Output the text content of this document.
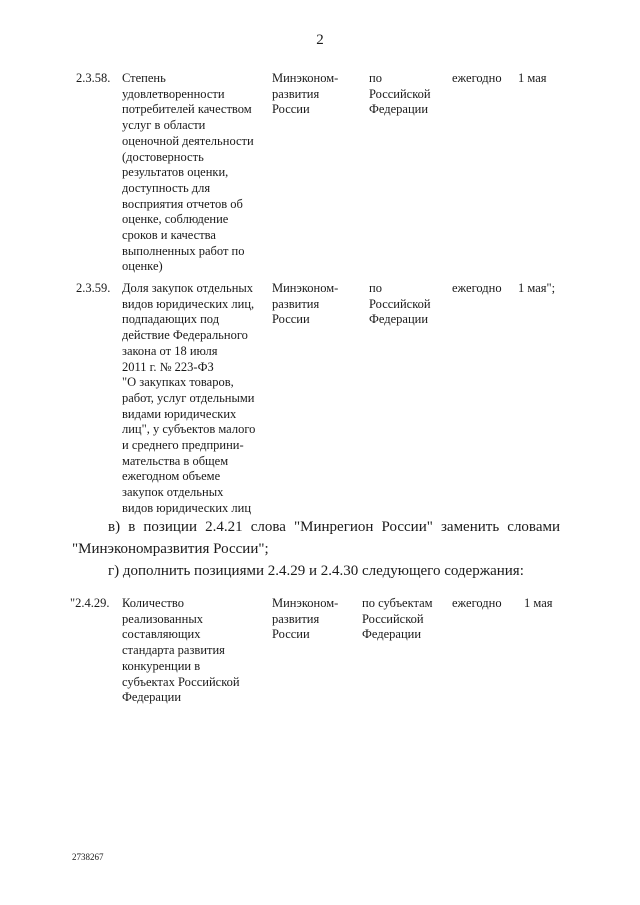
2
2.3.58. Степень
удовлетворенности
потребителей качеством
услуг в области
оценочной деятельности
(достоверность
результатов оценки,
доступность для
восприятия отчетов об
оценке, соблюдение
сроков и качества
выполненных работ по
оценке)
Минэконом-
развития
России
по
Российской
Федерации
ежегодно 1 мая
2.3.59. Доля закупок отдельных
видов юридических лиц,
подпадающих под
действие Федерального
закона от 18 июля
2011 г. № 223-ФЗ
"О закупках товаров,
работ, услуг отдельными
видами юридических
лиц", у субъектов малого
и среднего предприни-
мательства в общем
ежегодном объеме
закупок отдельных
видов юридических лиц
Минэконом-
развития
России
по
Российской
Федерации
ежегодно 1 мая";
в) в позиции 2.4.21 слова "Минрегион России" заменить словами
"Минэкономразвития России";
г) дополнить позициями 2.4.29 и 2.4.30 следующего содержания:
"2.4.29. Количество
реализованных
составляющих
стандарта развития
конкуренции в
субъектах Российской
Федерации
Минэконом-
развития
России
по субъектам
Российской
Федерации
ежегодно 1 мая
2738267
